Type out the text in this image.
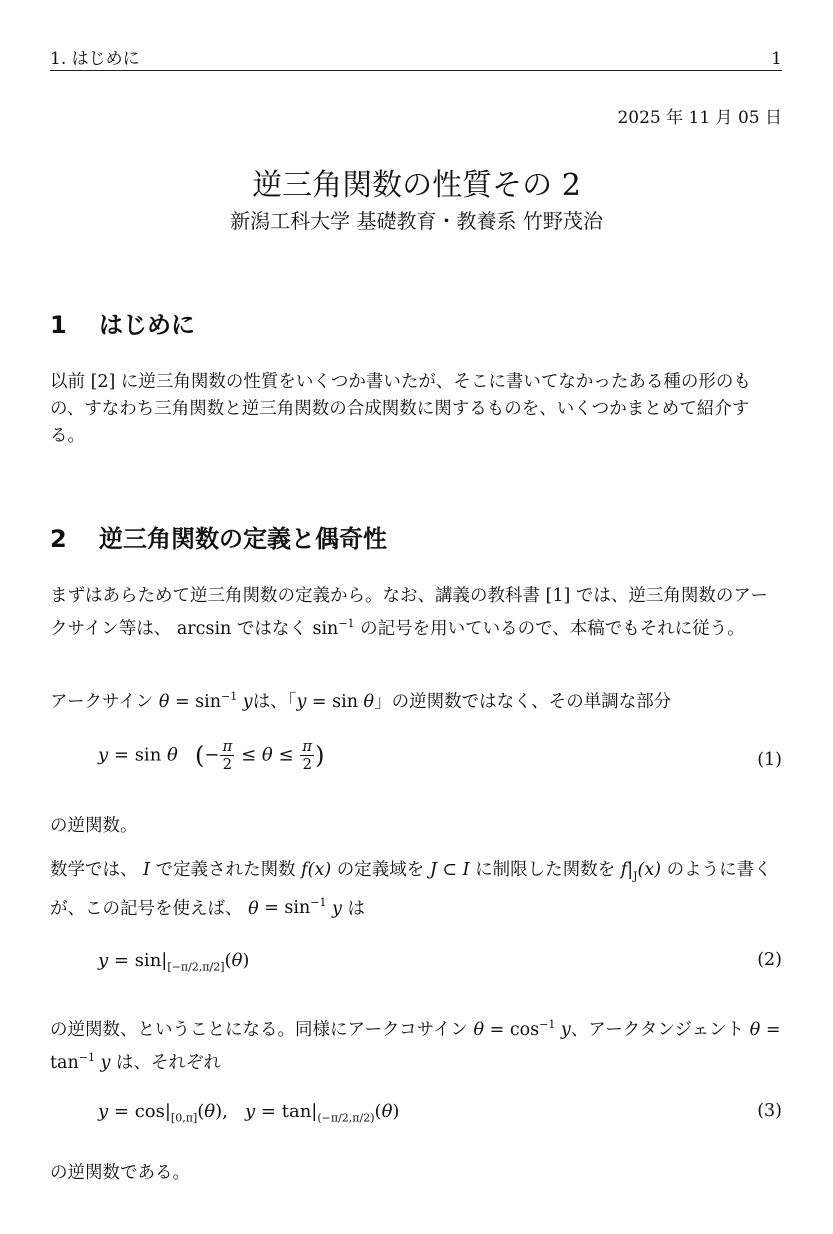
1. はじめに	1
2025 年 11 月 05 日
逆三角関数の性質その 2
新潟工科大学 基礎教育・教養系 竹野茂治
1 はじめに
以前 [2] に逆三角関数の性質をいくつか書いたが、そこに書いてなかったある種の形のもの、すなわち三角関数と逆三角関数の合成関数に関するものを、いくつかまとめて紹介する。
2 逆三角関数の定義と偶奇性
まずはあらためて逆三角関数の定義から。なお、講義の教科書 [1] では、逆三角関数のアークサイン等は、 arcsin ではなく $\sin^{-1}$ の記号を用いているので、本稿でもそれに従う。
アークサイン $\theta = \sin^{-1} y$は、「y = sin θ」の逆関数ではなく、その単調な部分
y = sin θ   (− $\frac{\pi}{2} \le \theta \le \frac{\pi}{2}$ )	(1)
の逆関数。
数学では、 I で定義された関数 f(x) の定義域を J ⊂ I に制限した関数を $f|_J(x)$ のように書くが、この記号を使えば、 $\theta = \sin^{-1} y$ は
$y = \sin|_{[-\pi/2,\pi/2]}(\theta)$	(2)
の逆関数、ということになる。同様にアークコサイン $\theta = \cos^{-1} y$、アークタンジェント $\theta = \tan^{-1} y$ は、それぞれ
$y = \cos|_{[0,\pi]}(\theta)$,   $y = \tan|_{(-\pi/2,\pi/2)}(\theta)$	(3)
の逆関数である。
